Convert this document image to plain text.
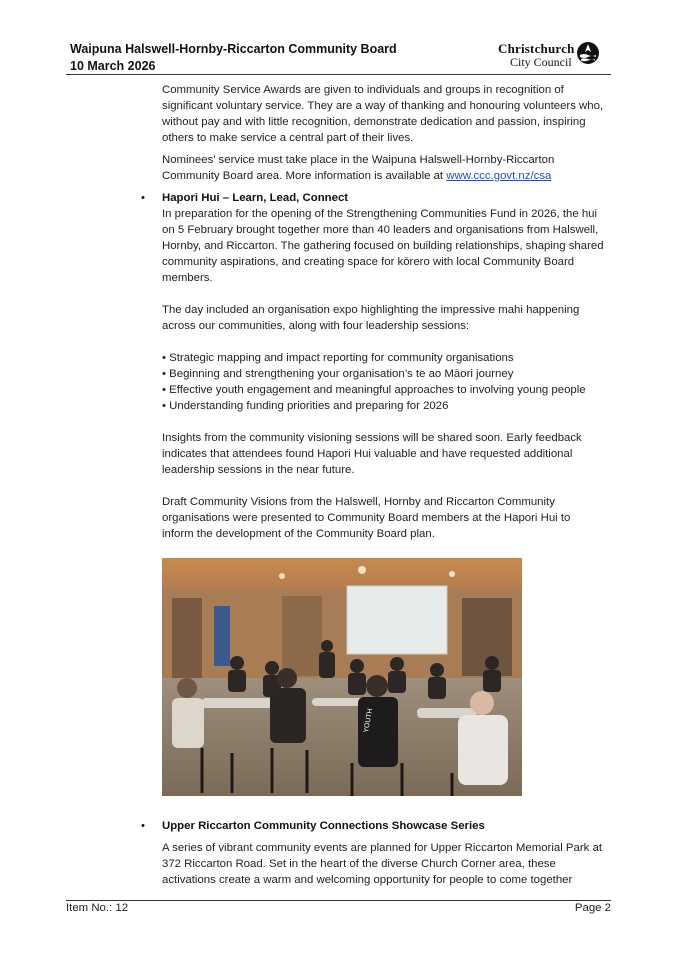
Waipuna Halswell-Hornby-Riccarton Community Board
10 March 2026
Christchurch
City Council

Community Service Awards are given to individuals and groups in recognition of significant voluntary service. They are a way of thanking and honouring volunteers who, without pay and with little recognition, demonstrate dedication and passion, inspiring others to make service a central part of their lives.

Nominees’ service must take place in the Waipuna Halswell-Hornby-Riccarton Community Board area. More information is available at www.ccc.govt.nz/csa

• Hapori Hui – Learn, Lead, Connect

In preparation for the opening of the Strengthening Communities Fund in 2026, the hui on 5 February brought together more than 40 leaders and organisations from Halswell, Hornby, and Riccarton. The gathering focused on building relationships, shaping shared community aspirations, and creating space for kōrero with local Community Board members.

The day included an organisation expo highlighting the impressive mahi happening across our communities, along with four leadership sessions:

• Strategic mapping and impact reporting for community organisations

• Beginning and strengthening your organisation’s te ao Māori journey

• Effective youth engagement and meaningful approaches to involving young people

• Understanding funding priorities and preparing for 2026

Insights from the community visioning sessions will be shared soon. Early feedback indicates that attendees found Hapori Hui valuable and have requested additional leadership sessions in the near future.

Draft Community Visions from the Halswell, Hornby and Riccarton Community organisations were presented to Community Board members at the Hapori Hui to inform the development of the Community Board plan.

YOUTH
• Upper Riccarton Community Connections Showcase Series

A series of vibrant community events are planned for Upper Riccarton Memorial Park at 372 Riccarton Road. Set in the heart of the diverse Church Corner area, these activations create a warm and welcoming opportunity for people to come together

Item No.: 12	Page 2
